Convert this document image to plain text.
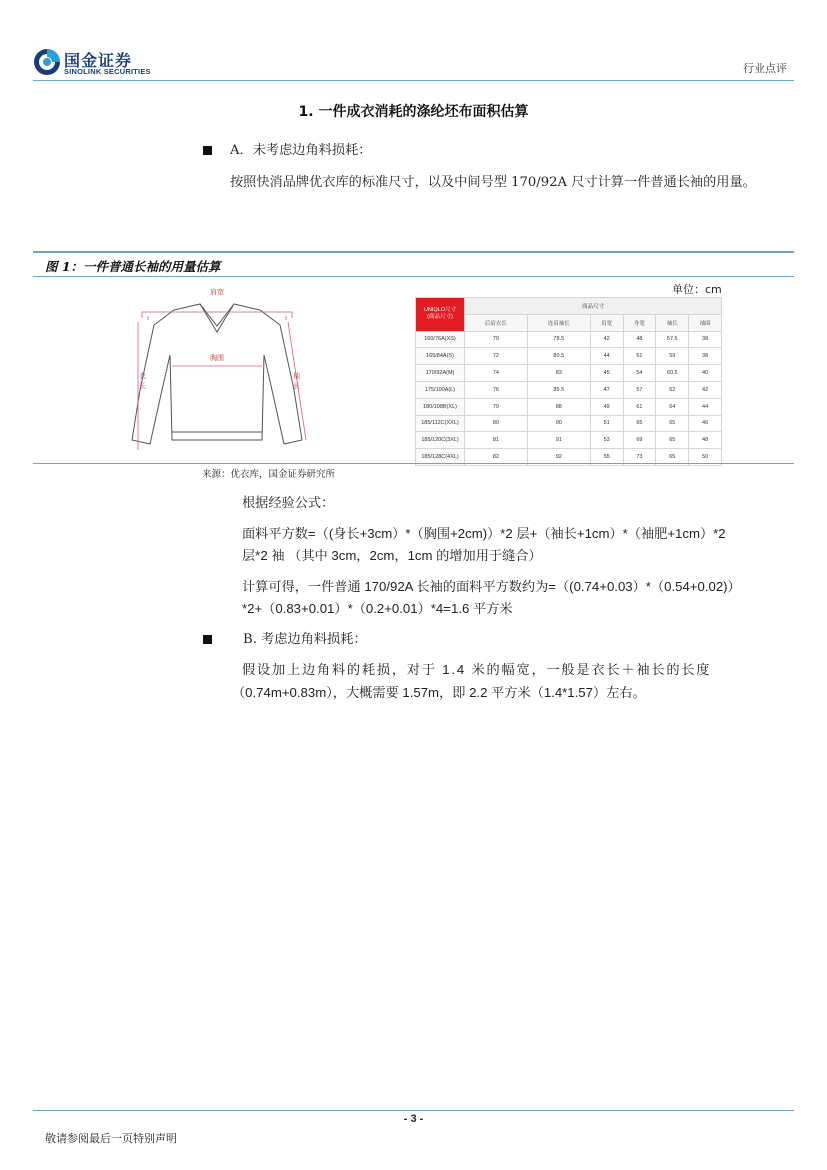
国金证券
SINOLINK SECURITIES	行业点评
1. 一件成衣消耗的涤纶坯布面积估算
A．未考虑边角料损耗：
按照快消品牌优衣库的标准尺寸，以及中间号型 170/92A 尺寸计算一件普通长袖的用量。
图 1：一件普通长袖的用量估算
肩宽
胸围
衣 长
袖 长
单位：cm
UNIQLO尺寸
(商品尺寸)	商品尺寸					
	后肩衣长	连肩袖长	肩宽	身宽	袖长	袖围
160/76A(XS)	70	78.5	42	48	57.5	38
165/84A(S)	72	80.5	44	51	59	38
170/92A(M)	74	83	45	54	60.5	40
175/100A(L)	76	85.5	47	57	62	42
180/108B(XL)	79	88	49	61	64	44
185/112C(XXL)	80	90	51	65	65	46
185/120C(3XL)	81	91	53	69	65	48
185/128C(4XL)	82	92	55	73	65	50
来源：优衣库，国金证券研究所
根据经验公式：
面料平方数=（(身长+3cm）*（胸围+2cm)）*2 层+（袖长+1cm）*（袖肥+1cm）*2
层*2 袖 （其中 3cm，2cm，1cm 的增加用于缝合）
计算可得，一件普通 170/92A 长袖的面料平方数约为=（(0.74+0.03）*（0.54+0.02)）
*2+（0.83+0.01）*（0.2+0.01）*4=1.6 平方米
B. 考虑边角料损耗：
假设加上边角料的耗损，对于 1.4 米的幅宽，一般是衣长＋袖长的长度
（0.74m+0.83m），大概需要 1.57m，即 2.2 平方米（1.4*1.57）左右。
- 3 -
敬请参阅最后一页特别声明
